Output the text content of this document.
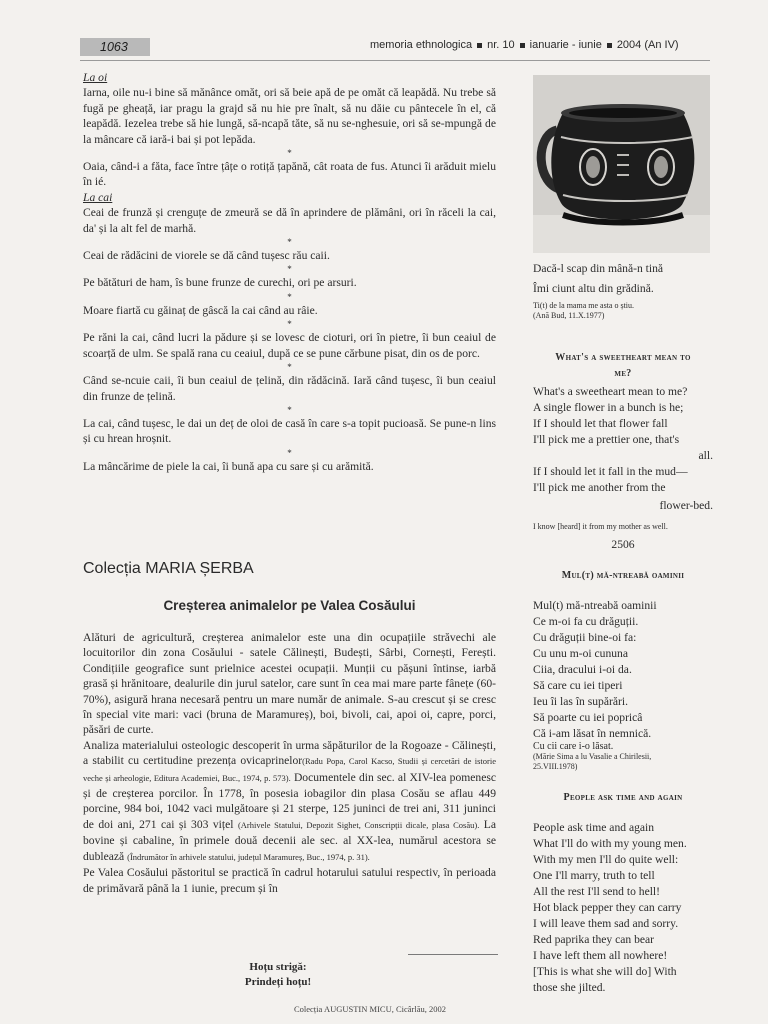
1063	memoria ethnologica nr. 10 ianuarie - iunie 2004 (An IV)

La oi

Iarna, oile nu-i bine să mănânce omăt, ori să beie apă de pe omăt că leapădă. Nu trebe să fugă pe gheață, iar pragu la grajd să nu hie pre înalt, să nu dăie cu pântecele în el, că leapădă. Iezelea trebe să hie lungă, să-ncapă tăte, să nu se-nghesuie, ori să se-mpungă de la mâncare că iară-i bai și pot lepăda.

*

Oaia, când-i a făta, face între țâțe o rotiță țapănă, cât roata de fus. Atunci îi arăduit mielu în ié.

La cai

Ceai de frunză și crenguțe de zmeură se dă în aprindere de plămâni, ori în răceli la cai, da' și la alt fel de marhă.

*

Ceai de rădăcini de viorele se dă când tușesc rău caii.

*

Pe bătături de ham, îs bune frunze de curechi, ori pe arsuri.

*

Moare fiartă cu găinaț de gâscă la cai când au râie.

*

Pe răni la cai, când lucri la pădure și se lovesc de cioturi, ori în pietre, îi bun ceaiul de scoarță de ulm. Se spală rana cu ceaiul, după ce se pune cărbune pisat, din os de porc.

*

Când se-ncuie caii, îi bun ceaiul de țelină, din rădăcină. Iară când tușesc, îi bun ceaiul din frunze de țelină.

*

La cai, când tușesc, le dai un deț de oloi de casă în care s-a topit pucioasă. Se pune-n lins și cu hrean hroșnit.

*

La mâncărime de piele la cai, îi bună apa cu sare și cu arămită.

Colecția MARIA ȘERBA
Creșterea animalelor pe Valea Cosăului

Alături de agricultură, creșterea animalelor este una din ocupațiile străvechi ale locuitorilor din zona Cosăului - satele Călinești, Budești, Sârbi, Cornești, Ferești. Condițiile geografice sunt prielnice acestei ocupații. Munții cu pășuni întinse, iarbă grasă și hrănitoare, dealurile din jurul satelor, care sunt în cea mai mare parte fânețe (60-70%), asigură hrana necesară pentru un mare număr de animale. S-au crescut și se cresc în special vite mari: vaci (bruna de Maramureș), boi, bivoli, cai, apoi oi, capre, porci, păsări de curte.

Analiza materialului osteologic descoperit în urma săpăturilor de la Rogoaze - Călinești, a stabilit cu certitudine prezența ovicaprinelor(Radu Popa, Carol Kacso, Studii și cercetări de istorie veche și arheologie, Editura Academiei, Buc., 1974, p. 573). Documentele din sec. al XIV-lea pomenesc și de creșterea porcilor. În 1778, în posesia iobagilor din plasa Cosău se aflau 449 porcine, 984 boi, 1042 vaci mulgătoare și 21 sterpe, 125 juninci de trei ani, 311 juninci de doi ani, 271 cai și 303 vițel (Arhivele Statului, Depozit Sighet, Conscripții dicale, plasa Cosău). La bovine și cabaline, în primele două decenii ale sec. al XX-lea, numărul acestora se dublează (Îndrumător în arhivele statului, județul Maramureș, Buc., 1974, p. 31).

Pe Valea Cosăului păstoritul se practică în cadrul hotarului satului respectiv, în perioada de primăvară până la 1 iunie, precum și în

Hoțu strigă:
Prindeți hoțu!
Colecția AUGUSTIN MICU, Cicârlău, 2002

Dacă-l scap din mână-n tină

Îmi ciunt altu din grădină.

Ti(t) de la mama me asta o știu.

(Ană Bud, 11.X.1977)

What's a sweetheart mean to

me?

What's a sweetheart mean to me?

A single flower in a bunch is he;

If I should let that flower fall

I'll pick me a prettier one, that's

all.

If I should let it fall in the mud—

I'll pick me another from the

flower-bed.

I know [heard] it from my mother as well.

2506

Mul(t) mă-ntreabă oaminii

Mul(t) mă-ntreabă oaminii

Ce m-oi fa cu drăguții.

Cu drăguții bine-oi fa:

Cu unu m-oi cununa

Ciia, dracului i-oi da.

Să care cu iei tiperi

Ieu îi las în supărări.

Să poarte cu iei popricâ

Că i-am lăsat în nemnică.

Cu cii care i-o lăsat.

(Mărie Sima a lu Vasalie a Chirilesii, 25.VIII.1978)

People ask time and again

People ask time and again

What I'll do with my young men.

With my men I'll do quite well:

One I'll marry, truth to tell

All the rest I'll send to hell!

Hot black pepper they can carry

I will leave them sad and sorry.

Red paprika they can bear

I have left them all nowhere!

[This is what she will do] With

those she jilted.
